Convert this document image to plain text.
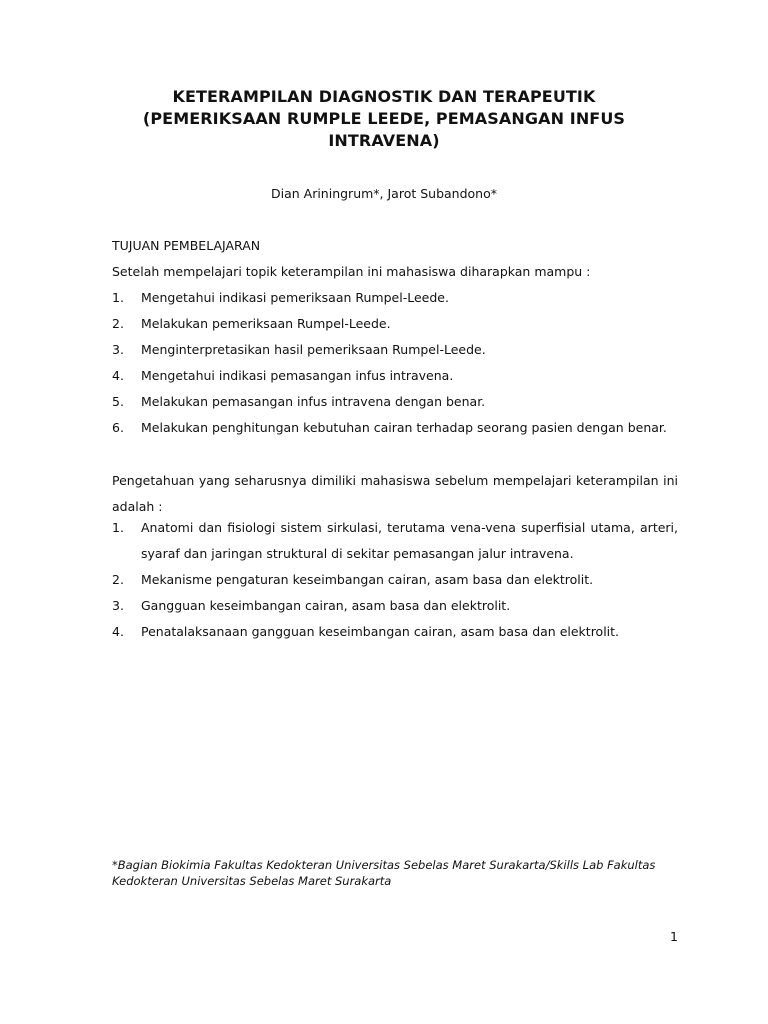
KETERAMPILAN DIAGNOSTIK DAN TERAPEUTIK
(PEMERIKSAAN RUMPLE LEEDE, PEMASANGAN INFUS
INTRAVENA)
Dian Ariningrum*, Jarot Subandono*
TUJUAN PEMBELAJARAN
Setelah mempelajari topik keterampilan ini mahasiswa diharapkan mampu :
1. Mengetahui indikasi pemeriksaan Rumpel-Leede.
2. Melakukan pemeriksaan Rumpel-Leede.
3. Menginterpretasikan hasil pemeriksaan Rumpel-Leede.
4. Mengetahui indikasi pemasangan infus intravena.
5. Melakukan pemasangan infus intravena dengan benar.
6. Melakukan penghitungan kebutuhan cairan terhadap seorang pasien dengan benar.
Pengetahuan yang seharusnya dimiliki mahasiswa sebelum mempelajari keterampilan ini adalah :
1. Anatomi dan fisiologi sistem sirkulasi, terutama vena-vena superfisial utama, arteri, syaraf dan jaringan struktural di sekitar pemasangan jalur intravena.
2. Mekanisme pengaturan keseimbangan cairan, asam basa dan elektrolit.
3. Gangguan keseimbangan cairan, asam basa dan elektrolit.
4. Penatalaksanaan gangguan keseimbangan cairan, asam basa dan elektrolit.
*Bagian Biokimia Fakultas Kedokteran Universitas Sebelas Maret Surakarta/Skills Lab Fakultas Kedokteran Universitas Sebelas Maret Surakarta
1
